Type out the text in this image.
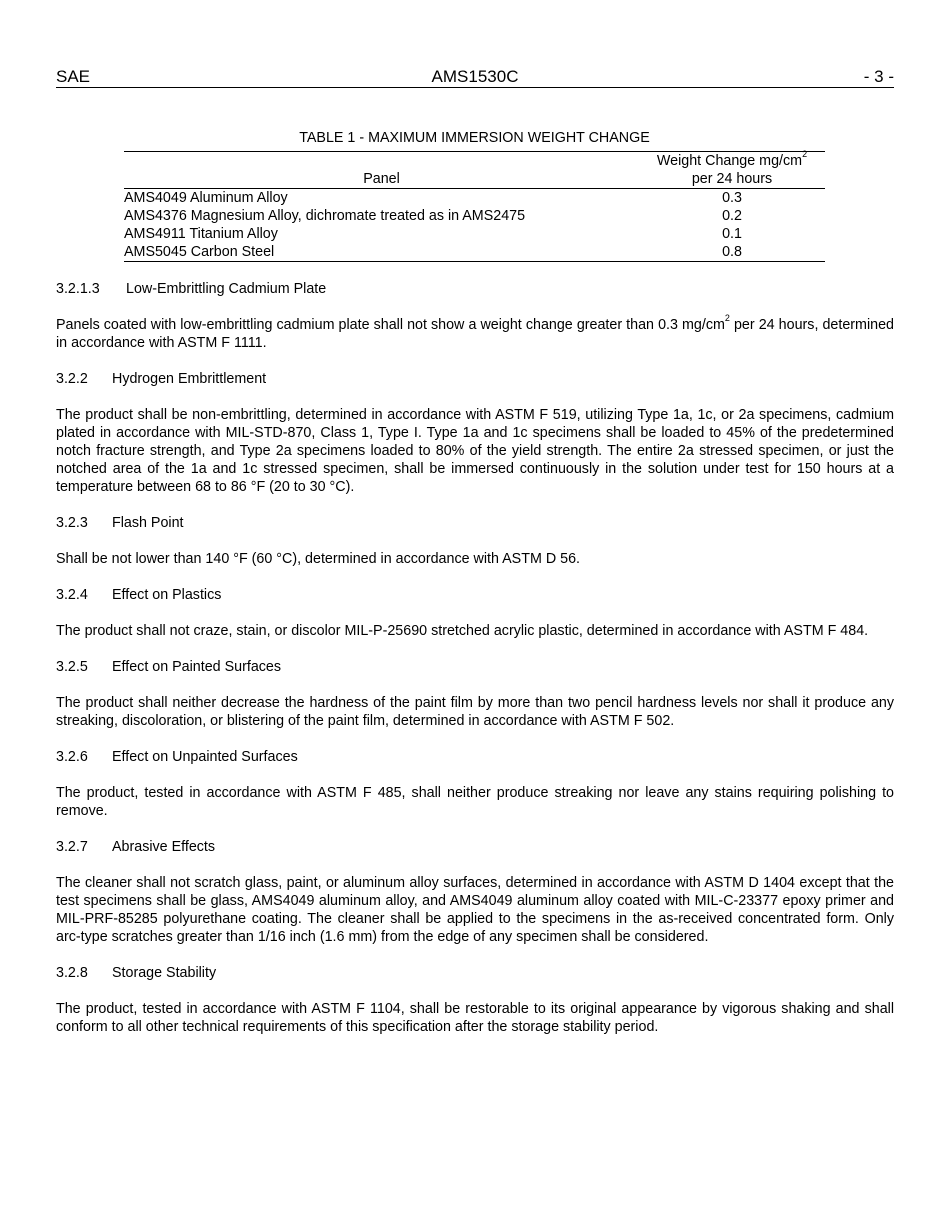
SAE	AMS1530C	- 3 -
TABLE 1 - MAXIMUM IMMERSION WEIGHT CHANGE
Panel	Weight Change $mg/cm^2$
per 24 hours
AMS4049 Aluminum Alloy	0.3
AMS4376 Magnesium Alloy, dichromate treated as in AMS2475	0.2
AMS4911 Titanium Alloy	0.1
AMS5045 Carbon Steel	0.8
3.2.1.3 Low-Embrittling Cadmium Plate

Panels coated with low-embrittling cadmium plate shall not show a weight change greater than 0.3 $mg/cm^2$ per 24 hours, determined in accordance with ASTM F 1111.

3.2.2 Hydrogen Embrittlement

The product shall be non-embrittling, determined in accordance with ASTM F 519, utilizing Type 1a, 1c, or 2a specimens, cadmium plated in accordance with MIL-STD-870, Class 1, Type I. Type 1a and 1c specimens shall be loaded to 45% of the predetermined notch fracture strength, and Type 2a specimens loaded to 80% of the yield strength. The entire 2a stressed specimen, or just the notched area of the 1a and 1c stressed specimen, shall be immersed continuously in the solution under test for 150 hours at a temperature between 68 to 86 °F (20 to 30 °C).

3.2.3 Flash Point

Shall be not lower than 140 °F (60 °C), determined in accordance with ASTM D 56.

3.2.4 Effect on Plastics

The product shall not craze, stain, or discolor MIL-P-25690 stretched acrylic plastic, determined in accordance with ASTM F 484.

3.2.5 Effect on Painted Surfaces

The product shall neither decrease the hardness of the paint film by more than two pencil hardness levels nor shall it produce any streaking, discoloration, or blistering of the paint film, determined in accordance with ASTM F 502.

3.2.6 Effect on Unpainted Surfaces

The product, tested in accordance with ASTM F 485, shall neither produce streaking nor leave any stains requiring polishing to remove.

3.2.7 Abrasive Effects

The cleaner shall not scratch glass, paint, or aluminum alloy surfaces, determined in accordance with ASTM D 1404 except that the test specimens shall be glass, AMS4049 aluminum alloy, and AMS4049 aluminum alloy coated with MIL-C-23377 epoxy primer and MIL-PRF-85285 polyurethane coating. The cleaner shall be applied to the specimens in the as-received concentrated form. Only arc-type scratches greater than 1/16 inch (1.6 mm) from the edge of any specimen shall be considered.

3.2.8 Storage Stability

The product, tested in accordance with ASTM F 1104, shall be restorable to its original appearance by vigorous shaking and shall conform to all other technical requirements of this specification after the storage stability period.
